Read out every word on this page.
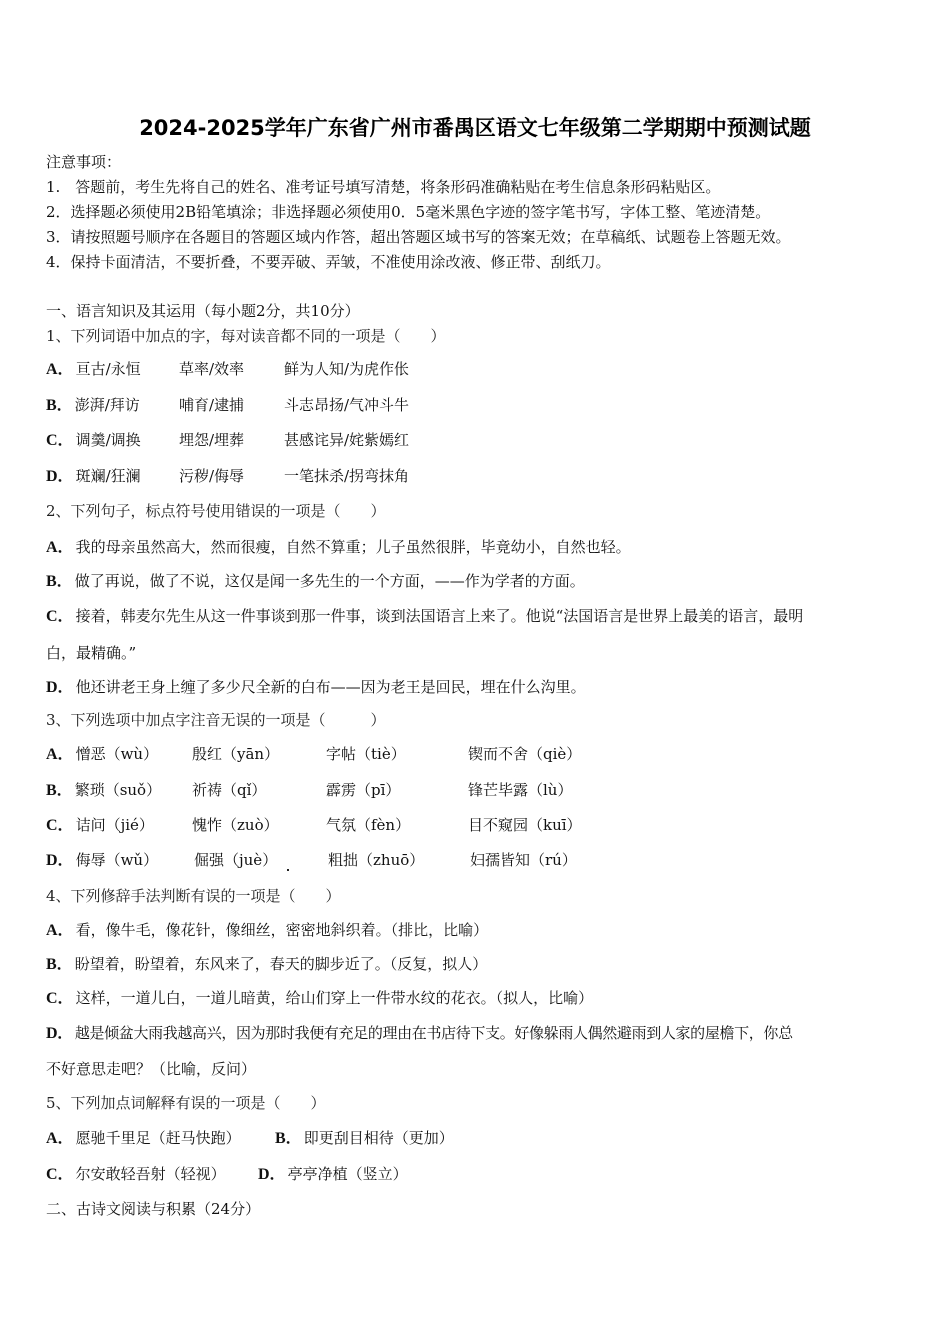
2024-2025学年广东省广州市番禺区语文七年级第二学期期中预测试题
注意事项：
1.　答题前，考生先将自己的姓名、准考证号填写清楚，将条形码准确粘贴在考生信息条形码粘贴区。
2．选择题必须使用2B铅笔填涂；非选择题必须使用0．5毫米黑色字迹的签字笔书写，字体工整、笔迹清楚。
3．请按照题号顺序在各题目的答题区域内作答，超出答题区域书写的答案无效；在草稿纸、试题卷上答题无效。
4．保持卡面清洁，不要折叠，不要弄破、弄皱，不准使用涂改液、修正带、刮纸刀。
一、语言知识及其运用（每小题2分，共10分）
1、下列词语中加点的字，每对读音都不同的一项是（　　）
A． 亘古/永恒	草率/效率	鲜为人知/为虎作伥
B． 澎湃/拜访	哺育/逮捕	斗志昂扬/气冲斗牛
C． 调羹/调换	埋怨/埋葬	甚感诧异/姹紫嫣红
D． 斑斓/狂澜	污秽/侮辱	一笔抹杀/拐弯抹角
2、下列句子，标点符号使用错误的一项是（　　）
A． 我的母亲虽然高大，然而很瘦，自然不算重；儿子虽然很胖，毕竟幼小，自然也轻。
B． 做了再说，做了不说，这仅是闻一多先生的一个方面，——作为学者的方面。
C． 接着，韩麦尔先生从这一件事谈到那一件事，谈到法国语言上来了。他说“法国语言是世界上最美的语言，最明
白，最精确。”
D． 他还讲老王身上缠了多少尺全新的白布——因为老王是回民，埋在什么沟里。
3、下列选项中加点字注音无误的一项是（　　　）
A． 憎恶（wù） 殷红（yān）	字帖（tiè）	锲而不舍（qiè）
B． 繁琐（suǒ） 祈祷（qǐ）	霹雳（pī）	锋芒毕露（lù）
C． 诘问（jié）	愧怍（zuò）	气氛（fèn）	目不窥园（kuī）
D． 侮辱（wǔ） 倔强（juè）	粗拙（zhuō）	妇孺皆知（rú）
4、下列修辞手法判断有误的一项是（　　）
A． 看，像牛毛，像花针，像细丝，密密地斜织着。（排比，比喻）
B． 盼望着，盼望着，东风来了，春天的脚步近了。（反复，拟人）
C． 这样，一道儿白，一道儿暗黄，给山们穿上一件带水纹的花衣。（拟人，比喻）
D． 越是倾盆大雨我越高兴，因为那时我便有充足的理由在书店待下支。好像躲雨人偶然避雨到人家的屋檐下，你总
不好意思走吧？（比喻，反问）
5、下列加点词解释有误的一项是（　　）
A． 愿驰千里足（赶马快跑） B． 即更刮目相待（更加）
C． 尔安敢轻吾射（轻视） D． 亭亭净植（竖立）
二、古诗文阅读与积累（24分）
